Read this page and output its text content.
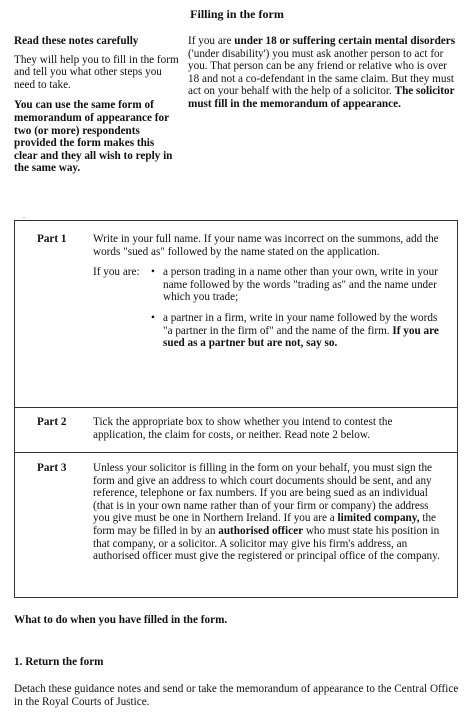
Filling in the form

Read these notes carefully

They will help you to fill in the form and tell you what other steps you need to take.

You can use the same form of memorandum of appearance for two (or more) respondents provided the form makes this clear and they all wish to reply in the same way.

If you are under 18 or suffering certain mental disorders ('under disability') you must ask another person to act for you. That person can be any friend or relative who is over 18 and not a co-defendant in the same claim. But they must act on your behalf with the help of a solicitor. The solicitor must fill in the memorandum of appearance.

.
Part 1 Write in your full name. If your name was incorrect on the summons, add the words "sued as" followed by the name stated on the application.

If you are:	• a person trading in a name other than your own, write in your name followed by the words "trading as" and the name under which you trade;
• a partner in a firm, write in your name followed by the words "a partner in the firm of" and the name of the firm. If you are sued as a partner but are not, say so.
Part 2 Tick the appropriate box to show whether you intend to contest the application, the claim for costs, or neither. Read note 2 below.

Part 3 Unless your solicitor is filling in the form on your behalf, you must sign the form and give an address to which court documents should be sent, and any reference, telephone or fax numbers. If you are being sued as an individual (that is in your own name rather than of your firm or company) the address you give must be one in Northern Ireland. If you are a limited company, the form may be filled in by an authorised officer who must state his position in that company, or a solicitor. A solicitor may give his firm's address, an authorised officer must give the registered or principal office of the company.

What to do when you have filled in the form.
1. Return the form
Detach these guidance notes and send or take the memorandum of appearance to the Central Office in the Royal Courts of Justice.
